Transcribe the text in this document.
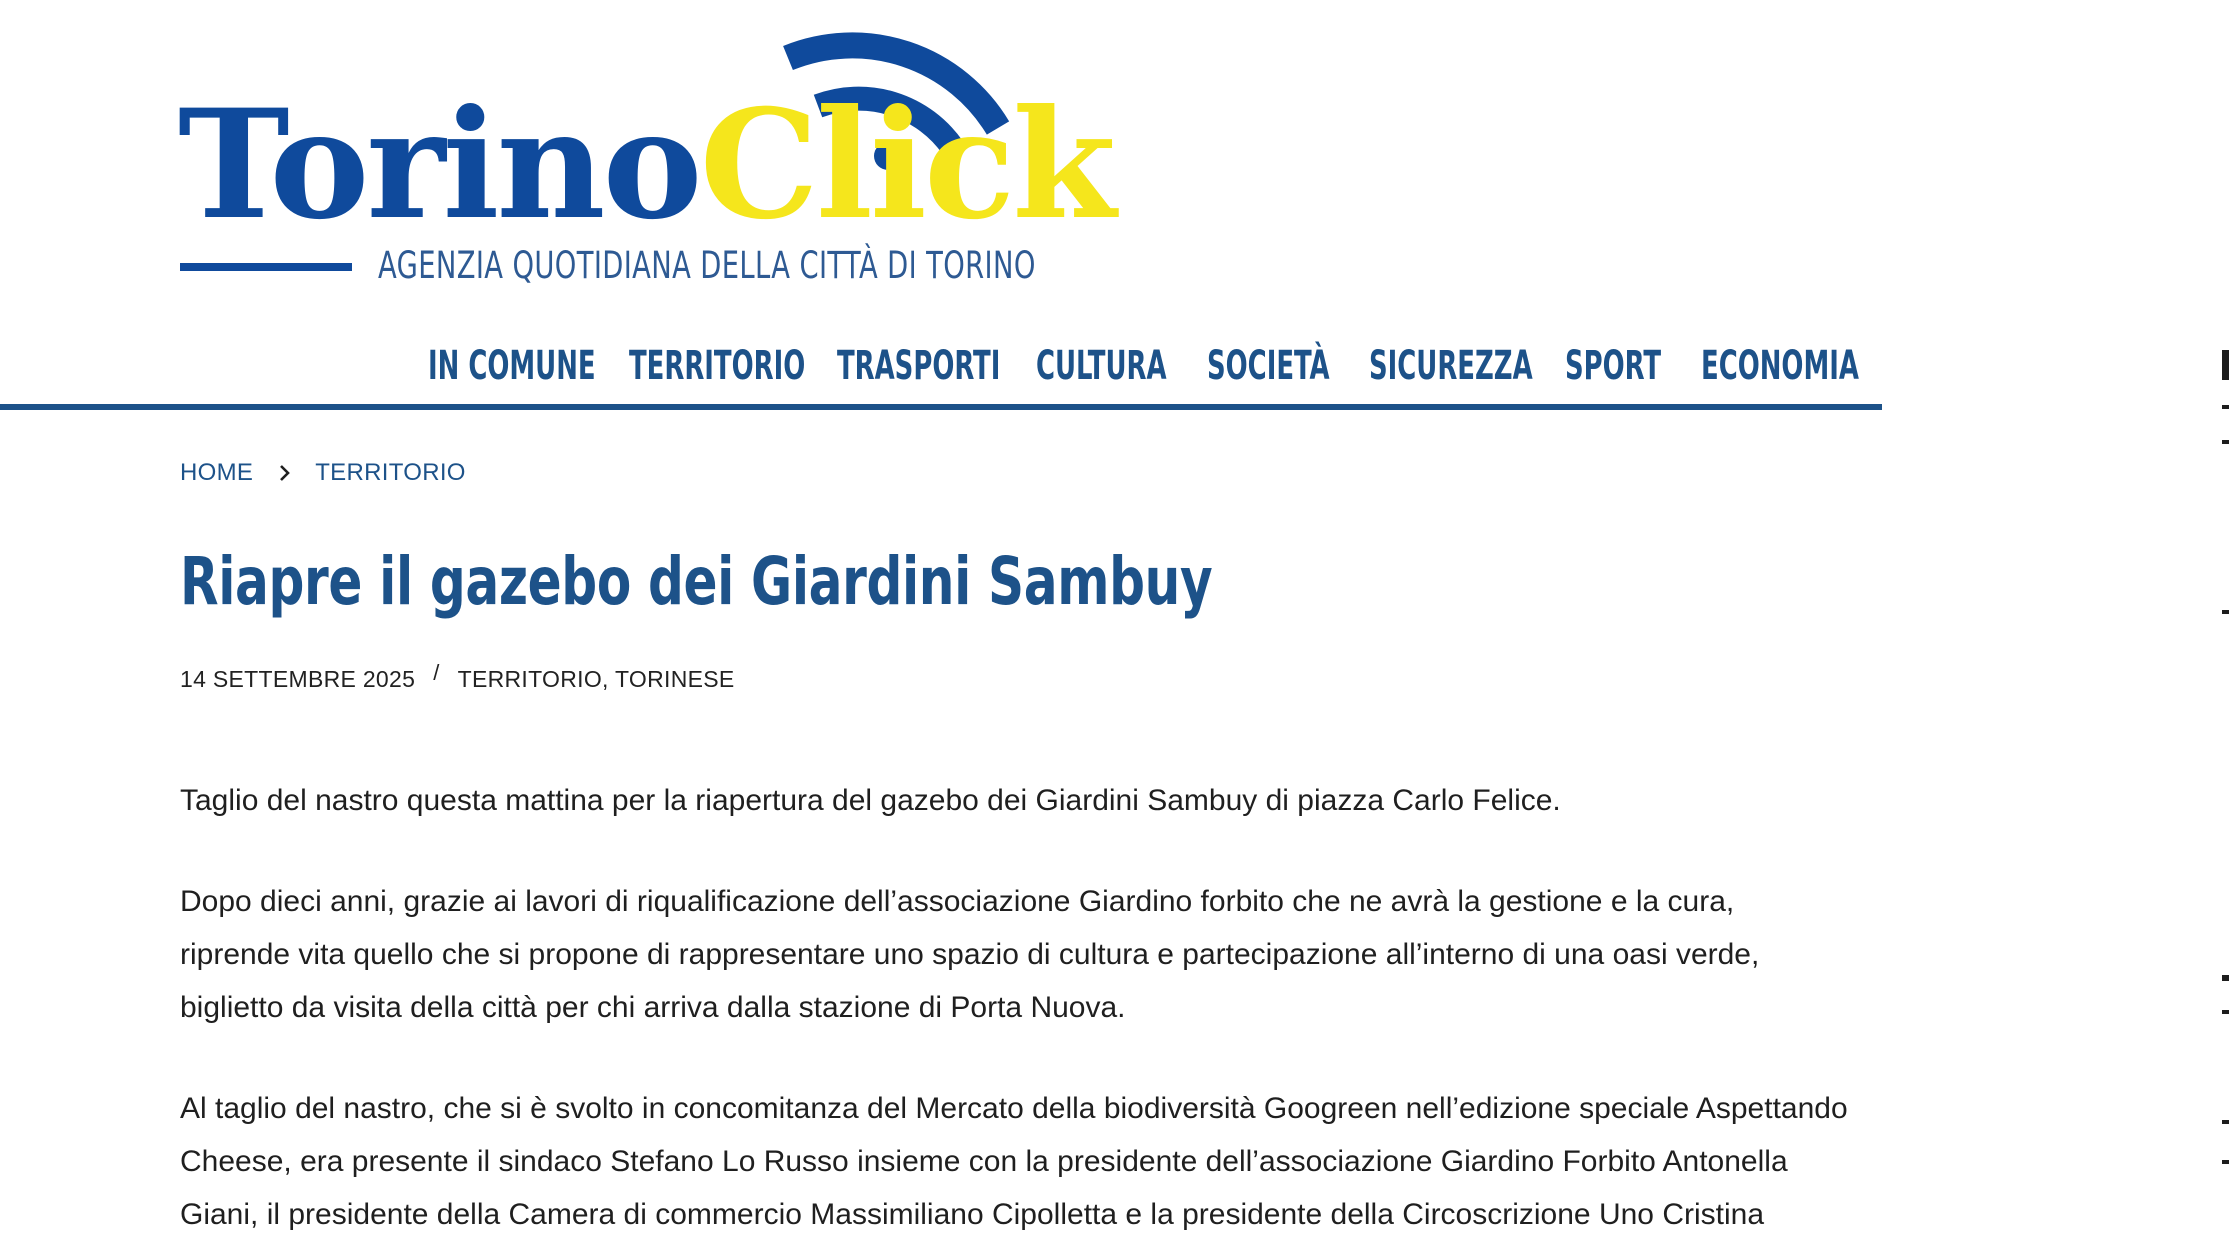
TorinoClick
AGENZIA QUOTIDIANA DELLA CITTÀ DI TORINO
IN COMUNE TERRITORIO TRASPORTI CULTURA SOCIETÀ SICUREZZA SPORT ECONOMIA
HOME	TERRITORIO
Riapre il gazebo dei Giardini Sambuy
14 SETTEMBRE 2025 / TERRITORIO, TORINESE

Taglio del nastro questa mattina per la riapertura del gazebo dei Giardini Sambuy di piazza Carlo Felice.

Dopo dieci anni, grazie ai lavori di riqualificazione dell’associazione Giardino forbito che ne avrà la gestione e la cura,
riprende vita quello che si propone di rappresentare uno spazio di cultura e partecipazione all’interno di una oasi verde,
biglietto da visita della città per chi arriva dalla stazione di Porta Nuova.

Al taglio del nastro, che si è svolto in concomitanza del Mercato della biodiversità Googreen nell’edizione speciale Aspettando
Cheese, era presente il sindaco Stefano Lo Russo insieme con la presidente dell’associazione Giardino Forbito Antonella
Giani, il presidente della Camera di commercio Massimiliano Cipolletta e la presidente della Circoscrizione Uno Cristina
